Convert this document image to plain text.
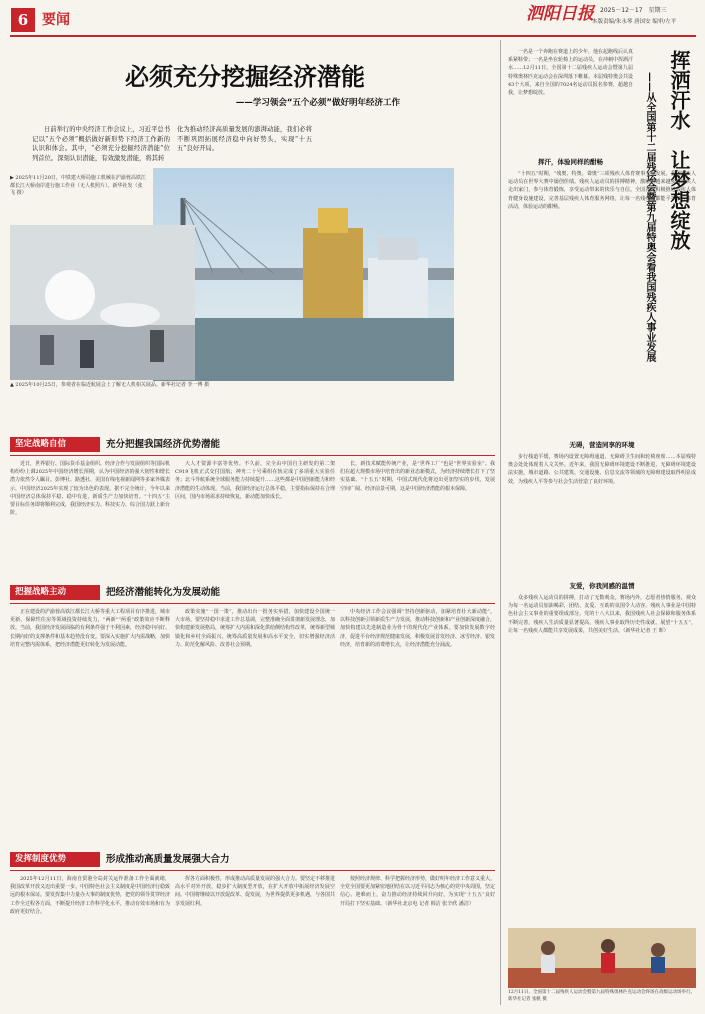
6 要闻	泗阳日报 2025－12－17　星期三
本版责编/朱永琴 唐国安 编审/左平
必须充分挖掘经济潜能
——学习领会“五个必须”做好明年经济工作
日前举行的中央经济工作会议上，习近平总书记以“五个必须”概括做好新形势下经济工作新的认识和体会。其中，“必须充分挖掘经济潜能”位列首位。深刻认识潜能，有效激发潜能，将其转
化为推动经济高质量发展的澎湃动能，我们必将不断巩固拓展经济稳中向好势头，实现“十五五”良好开局。
▶ 2025年11月20日，中铁建大桥局施工机械在沪渝蓉高铁江都长江大桥南岸进行施工作业（无人机照片）。新华社发（张 飞 摄）
▲ 2025年10月25日，参观者在临近航展会上了解无人机相关展品。新华社记者 李一博 摄
坚定战略自信	充分把握我国经济优势潜能

近日，世界银行、国际货币基金组织、经济合作与发展组织等国际机构纷纷上调2025年中国经济增长预期，认为中国经济的强大韧性和增长潜力依然令人瞩目。彭博社、路透社、美国有线电视新闻网等多家外媒表示，中国经济2025年实现了较为出色的表现。据不完全统计，今年以来中国经济总体保持平稳、稳中有进，新质生产力加快培育。“十四五”主要目标任务即将顺利完成，我国经济实力、科技实力、综合国力跃上新台阶。

大人才资源丰富等优势。不久前，完全由中国自主研发的第二架C919飞机正式交付国航；神舟二十号乘组在轨完成了多项重大实验任务；北斗导航系统全球服务能力持续提升……这些都是中国创新能力和经济潜能的生动体现。当前，我国经济运行总体平稳，主要指标保持在合理区间，国内市场需求持续恢复，新动能加快成长。

长，新技术赋能传统产业，是“世界工厂”也是“世界实验室”。我们在超大规模市场中培育出的新业态新模式，为经济持续增长打下了坚实基础。“十五五”时期，中国式现代化将迈出更加坚实的步伐，发展空间广阔、经济前景可期，这是中国经济潜能的根本保障。

把握战略主动	把经济潜能转化为发展动能

正在建设的沪渝蓉高铁江都长江大桥等重大工程项目有序推进，城市更新、保障性住房等领域投资持续发力，“两新”“两重”政策效应不断释放。当前，我国经济发展面临的有利条件强于不利因素，经济稳中向好、长期向好的支撑条件和基本趋势没有变。要深入实施扩大内需战略，加快培育完整内需体系，把经济潜能更好转化为发展动能。

政策实施“一国一策”，推动出台一批务实举措，加快建设全国统一大市场。要坚持稳中求进工作总基调，完整准确全面贯彻新发展理念，加快构建新发展格局，统筹扩大内需和深化供给侧结构性改革，统筹新型城镇化和乡村全面振兴，统筹高质量发展和高水平安全，切实增强经济活力、防范化解风险、改善社会预期。

中央经济工作会议强调“坚持创新驱动，加紧培育壮大新动能”。以科技创新引领新质生产力发展，推动科技创新和产业创新深度融合，加快构建以先进制造业为骨干的现代化产业体系。要加快发展数字经济，促进平台经济规范健康发展，积极发展首发经济、冰雪经济、银发经济，培育新的消费增长点，让经济潜能充分涌流。

发挥制度优势	形成推动高质量发展强大合力

2025年12月11日，海南自贸港全岛封关运作准备工作全面就绪，我国改革开放又迈出重要一步。中国特色社会主义制度是中国经济行稳致远的根本保证。要发挥集中力量办大事的制度优势，把党的领导贯穿经济工作全过程各方面，不断提升经济工作科学化水平，推动有效市场和有为政府更好结合。

挥各方面积极性，形成推动高质量发展的强大合力。要坚定不移推进高水平对外开放，稳步扩大制度型开放，在扩大开放中拓展经济发展空间。中国将继续以开放促改革、促发展，为世界提供更多机遇，与各国共享发展红利。

按照经济规律、科学把握经济形势，做好明年经济工作意义重大。全党全国要更加紧密地团结在以习近平同志为核心的党中央周围，坚定信心、迎难而上，奋力推动经济持续回升向好，为实现“十五五”良好开局打下坚实基础。（新华社北京电 记者 韩洁 张辛欣 潘洁）

挥洒汗水　让梦想绽放
——从全国第十二届残运会暨第九届特奥会看我国残疾人事业发展

一名是一个奔跑在赛道上的少年，他在起跑线后认真系紧鞋带；一名是坐在轮椅上的运动员，在冲刺中挥洒汗水……12月11日，全国第十二届残疾人运动会暨第九届特殊奥林匹克运动会在深圳落下帷幕。本届残特奥会共设43个大项，来自全国的7024名运动员报名参赛，超越自我，让梦想绽放。

挥汗，体验同样的酣畅

“十四五”时期，“残奥、特奥、聋奥”三项残疾人体育赛事全面发展，我国残疾人运动员在世界大赛中屡创佳绩。残疾人运动员的拼搏精神，激励着越来越多的残疾人走出家门，参与体育锻炼，享受运动带来的快乐与自信。全国各地积极推进残疾人体育健身设施建设，完善基层残疾人体育服务网络，让每一名残疾人都能平等参与体育活动，体验运动的酣畅。

无碍，营造同享的环境

步行栈道平缓，赛场内设置无障碍通道、无障碍卫生间和轮椅座席……本届残特奥会处处体现着人文关怀。近年来，我国无障碍环境建设不断推进，无障碍环境建设法实施，城市道路、公共建筑、交通设施、信息交流等领域的无障碍建设取得明显成效，为残疾人平等参与社会生活营造了良好环境。

友爱，你我同感的温情

众多残疾人运动员的拼搏，打动了无数观众。赛场内外，志愿者热情服务，观众为每一名运动员加油喝彩，团结、友爱、互助的氛围令人动容。残疾人事业是中国特色社会主义事业的重要组成部分。党的十八大以来，我国残疾人社会保障和服务体系不断完善，残疾人生活质量显著提高，残疾人事业取得历史性成就。展望“十五五”，让每一名残疾人都能共享发展成果，共创美好生活。（新华社记者 王 晖）

12月11日，全国第十二届残疾人运动会暨第九届特殊奥林匹克运动会终场在高级运动场举行。新华社记者 张帆 摄
